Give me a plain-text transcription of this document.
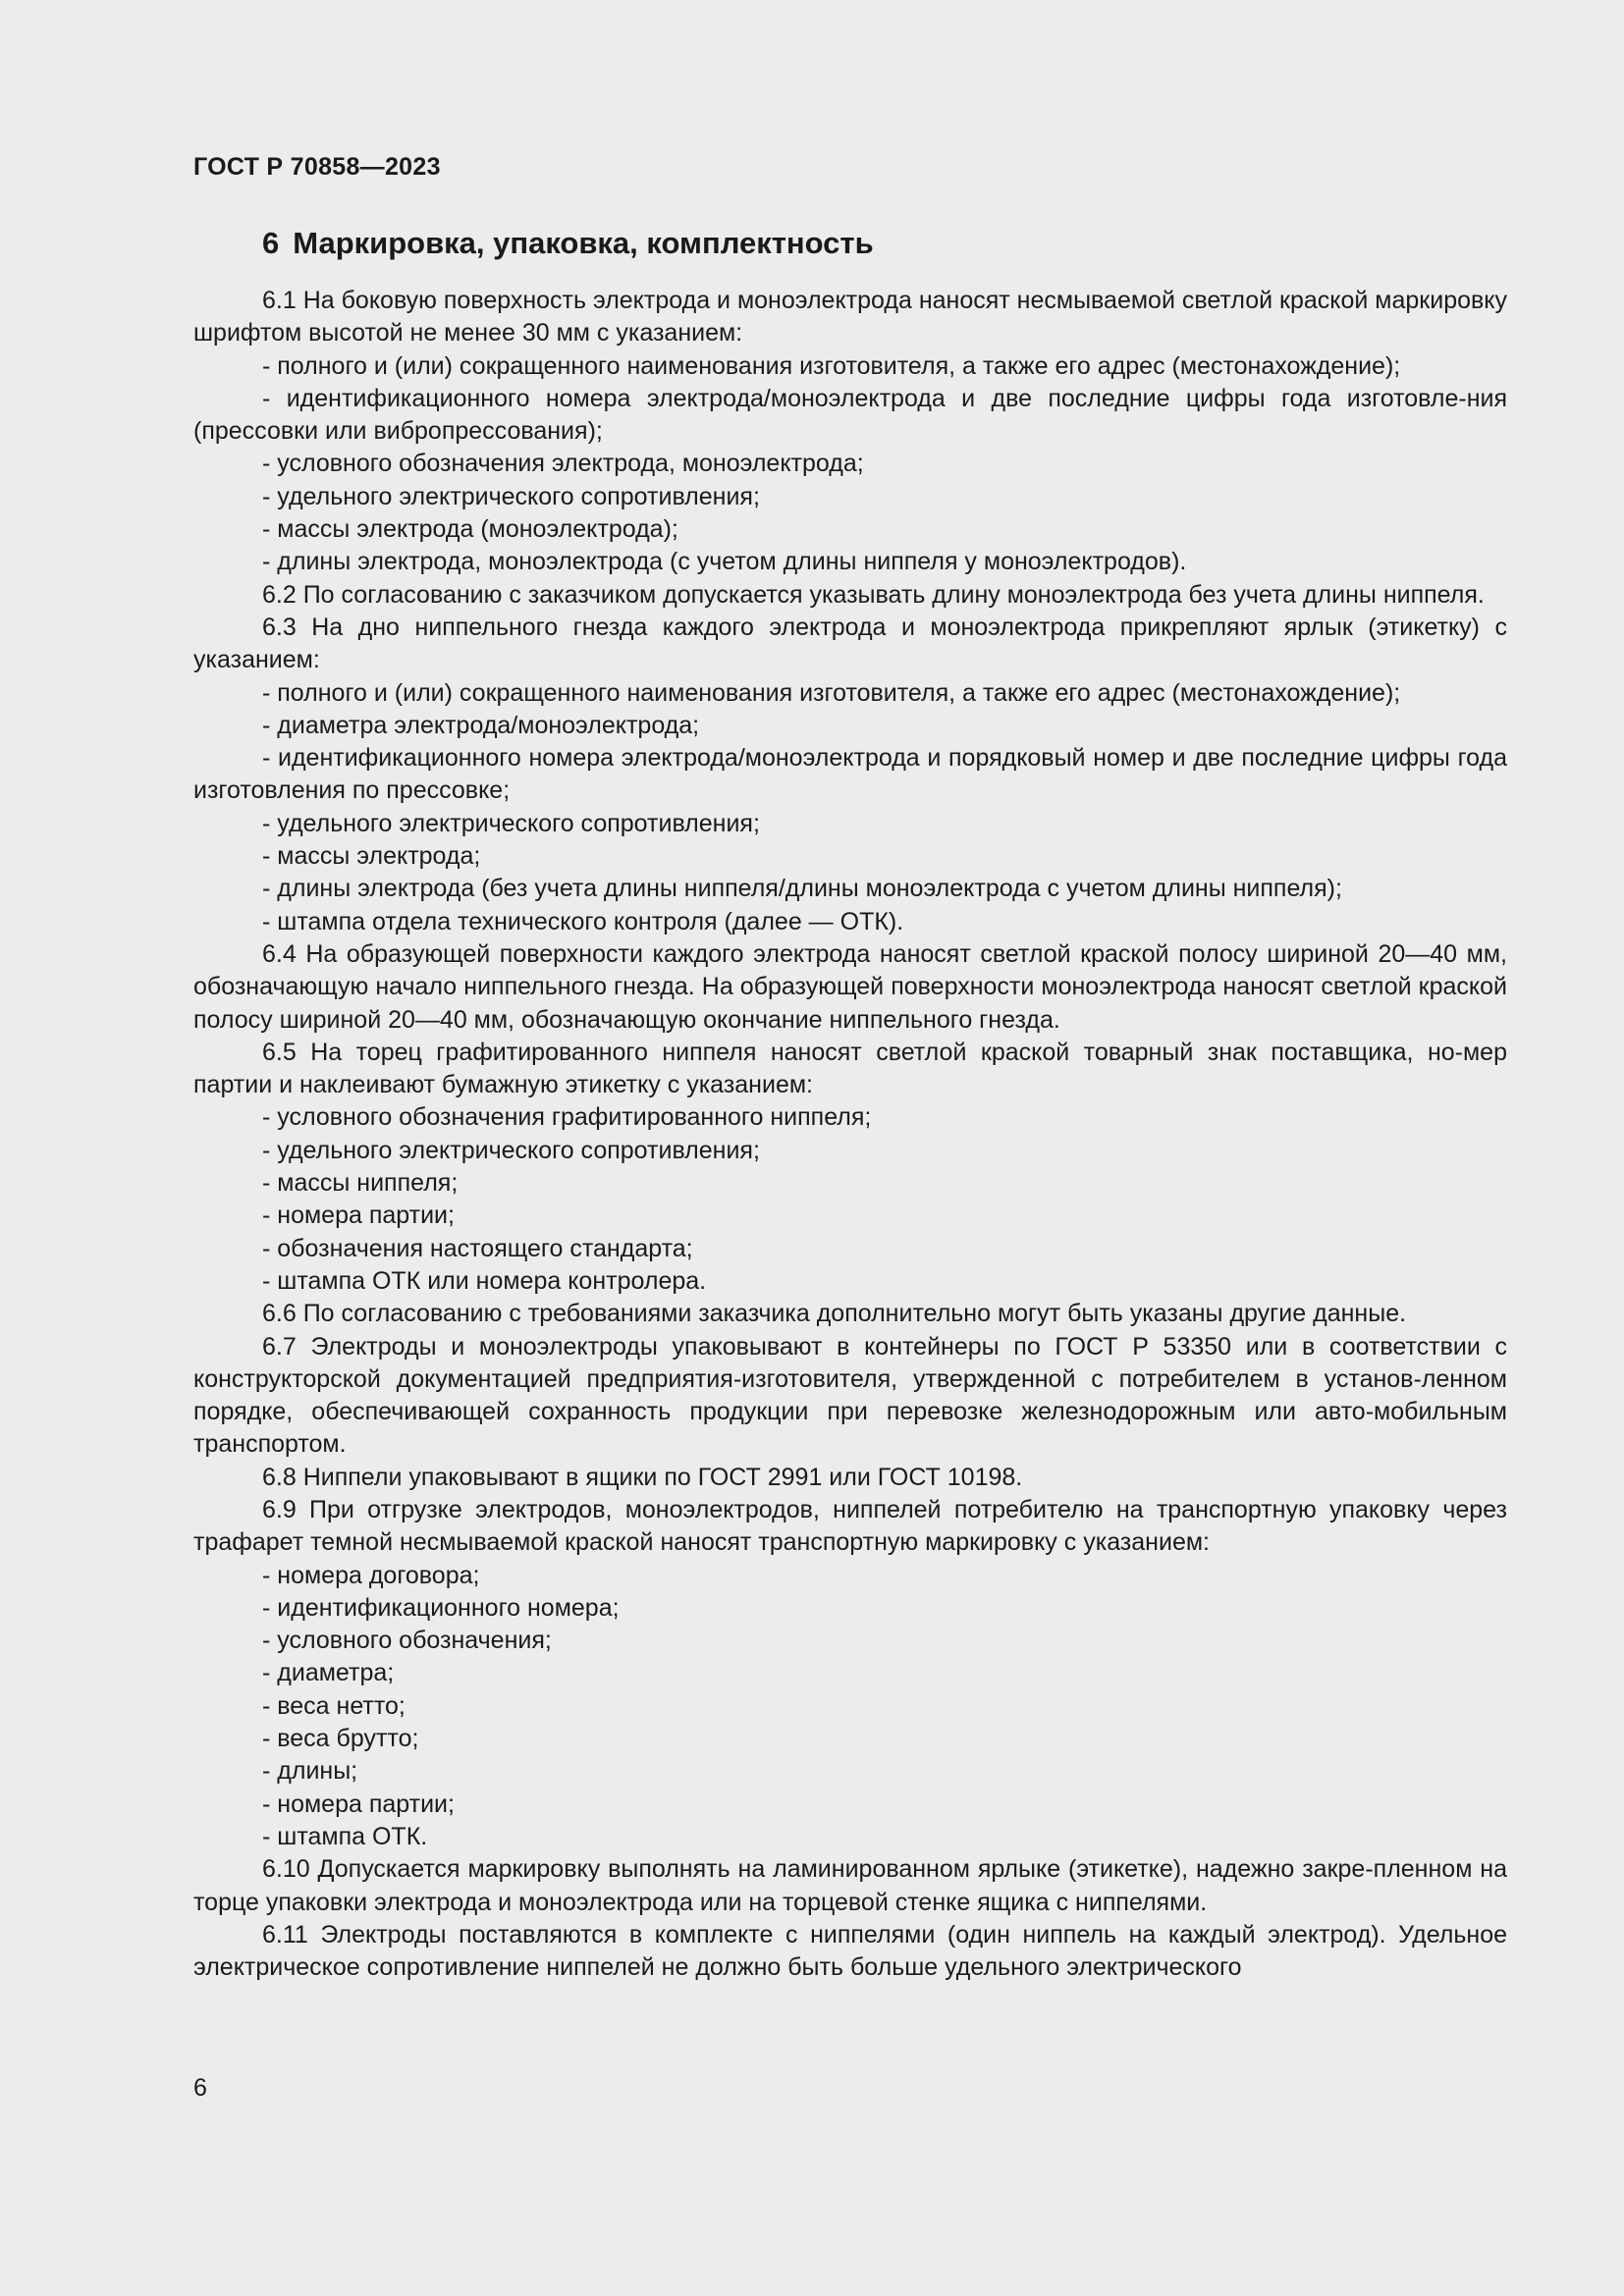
ГОСТ Р 70858—2023
6 Маркировка, упаковка, комплектность

6.1 На боковую поверхность электрода и моноэлектрода наносят несмываемой светлой краской маркировку шрифтом высотой не менее 30 мм с указанием:

- полного и (или) сокращенного наименования изготовителя, а также его адрес (местонахождение);

- идентификационного номера электрода/моноэлектрода и две последние цифры года изготовле-ния (прессовки или вибропрессования);

- условного обозначения электрода, моноэлектрода;

- удельного электрического сопротивления;

- массы электрода (моноэлектрода);

- длины электрода, моноэлектрода (с учетом длины ниппеля у моноэлектродов).

6.2 По согласованию с заказчиком допускается указывать длину моноэлектрода без учета длины ниппеля.

6.3 На дно ниппельного гнезда каждого электрода и моноэлектрода прикрепляют ярлык (этикетку) с указанием:

- полного и (или) сокращенного наименования изготовителя, а также его адрес (местонахождение);

- диаметра электрода/моноэлектрода;

- идентификационного номера электрода/моноэлектрода и порядковый номер и две последние цифры года изготовления по прессовке;

- удельного электрического сопротивления;

- массы электрода;

- длины электрода (без учета длины ниппеля/длины моноэлектрода с учетом длины ниппеля);

- штампа отдела технического контроля (далее — ОТК).

6.4 На образующей поверхности каждого электрода наносят светлой краской полосу шириной 20—40 мм, обозначающую начало ниппельного гнезда. На образующей поверхности моноэлектрода наносят светлой краской полосу шириной 20—40 мм, обозначающую окончание ниппельного гнезда.

6.5 На торец графитированного ниппеля наносят светлой краской товарный знак поставщика, но-мер партии и наклеивают бумажную этикетку с указанием:

- условного обозначения графитированного ниппеля;

- удельного электрического сопротивления;

- массы ниппеля;

- номера партии;

- обозначения настоящего стандарта;

- штампа ОТК или номера контролера.

6.6 По согласованию с требованиями заказчика дополнительно могут быть указаны другие данные.

6.7 Электроды и моноэлектроды упаковывают в контейнеры по ГОСТ Р 53350 или в соответствии с конструкторской документацией предприятия-изготовителя, утвержденной с потребителем в установ-ленном порядке, обеспечивающей сохранность продукции при перевозке железнодорожным или авто-мобильным транспортом.

6.8 Ниппели упаковывают в ящики по ГОСТ 2991 или ГОСТ 10198.

6.9 При отгрузке электродов, моноэлектродов, ниппелей потребителю на транспортную упаковку через трафарет темной несмываемой краской наносят транспортную маркировку с указанием:

- номера договора;

- идентификационного номера;

- условного обозначения;

- диаметра;

- веса нетто;

- веса брутто;

- длины;

- номера партии;

- штампа ОТК.

6.10 Допускается маркировку выполнять на ламинированном ярлыке (этикетке), надежно закре-пленном на торце упаковки электрода и моноэлектрода или на торцевой стенке ящика с ниппелями.

6.11 Электроды поставляются в комплекте с ниппелями (один ниппель на каждый электрод). Удельное электрическое сопротивление ниппелей не должно быть больше удельного электрического

6
